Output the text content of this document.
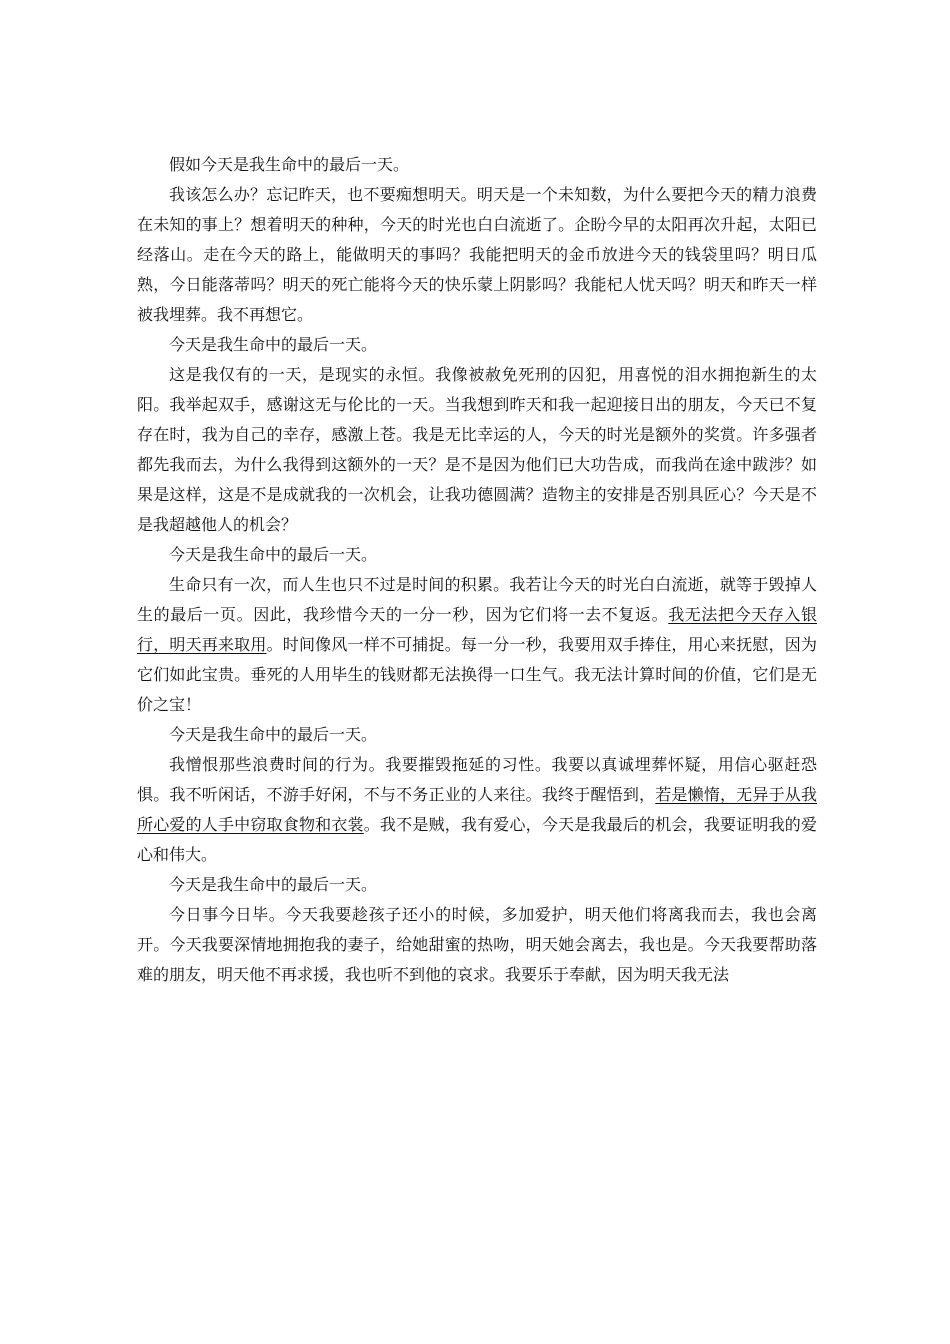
假如今天是我生命中的最后一天。

我该怎么办？忘记昨天，也不要痴想明天。明天是一个未知数，为什么要把今天的精力浪费在未知的事上？想着明天的种种，今天的时光也白白流逝了。企盼今早的太阳再次升起，太阳已经落山。走在今天的路上，能做明天的事吗？我能把明天的金币放进今天的钱袋里吗？明日瓜熟，今日能落蒂吗？明天的死亡能将今天的快乐蒙上阴影吗？我能杞人忧天吗？明天和昨天一样被我埋葬。我不再想它。

今天是我生命中的最后一天。

这是我仅有的一天，是现实的永恒。我像被赦免死刑的囚犯，用喜悦的泪水拥抱新生的太阳。我举起双手，感谢这无与伦比的一天。当我想到昨天和我一起迎接日出的朋友，今天已不复存在时，我为自己的幸存，感激上苍。我是无比幸运的人，今天的时光是额外的奖赏。许多强者都先我而去，为什么我得到这额外的一天？是不是因为他们已大功告成，而我尚在途中跋涉？如果是这样，这是不是成就我的一次机会，让我功德圆满？造物主的安排是否别具匠心？今天是不是我超越他人的机会？

今天是我生命中的最后一天。

生命只有一次，而人生也只不过是时间的积累。我若让今天的时光白白流逝，就等于毁掉人生的最后一页。因此，我珍惜今天的一分一秒，因为它们将一去不复返。我无法把今天存入银行，明天再来取用。时间像风一样不可捕捉。每一分一秒，我要用双手捧住，用心来抚慰，因为它们如此宝贵。垂死的人用毕生的钱财都无法换得一口生气。我无法计算时间的价值，它们是无价之宝！

今天是我生命中的最后一天。

我憎恨那些浪费时间的行为。我要摧毁拖延的习性。我要以真诚埋葬怀疑，用信心驱赶恐惧。我不听闲话，不游手好闲，不与不务正业的人来往。我终于醒悟到，若是懒惰，无异于从我所心爱的人手中窃取食物和衣裳。我不是贼，我有爱心，今天是我最后的机会，我要证明我的爱心和伟大。

今天是我生命中的最后一天。

今日事今日毕。今天我要趁孩子还小的时候，多加爱护，明天他们将离我而去，我也会离开。今天我要深情地拥抱我的妻子，给她甜蜜的热吻，明天她会离去，我也是。今天我要帮助落难的朋友，明天他不再求援，我也听不到他的哀求。我要乐于奉献，因为明天我无法
